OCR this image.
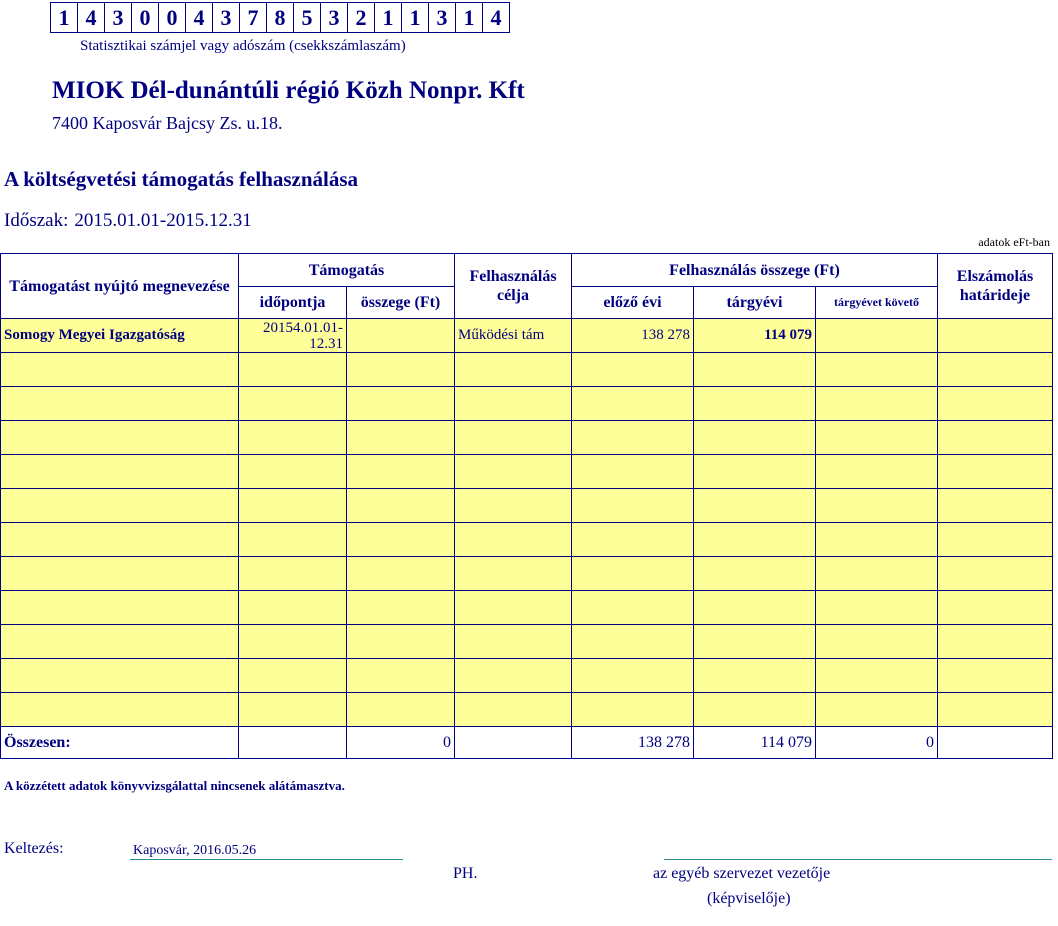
1 4 3 0 0 4 3 7 8 5 3 2 1 1 3 1 4
Statisztikai számjel vagy adószám (csekkszámlaszám)
MIOK Dél-dunántúli régió Közh Nonpr. Kft
7400 Kaposvár Bajcsy Zs. u.18.
A költségvetési támogatás felhasználása
Időszak: 2015.01.01-2015.12.31
adatok eFt-ban
Támogatást nyújtó megnevezése	Támogatás		Felhasználás célja	Felhasználás összege (Ft)			Elszámolás határideje
	időpontja	összege (Ft)		előző évi	tárgyévi	tárgyévet követő	
Somogy Megyei Igazgatóság	20154.01.01-12.31		Működési tám	138 278	114 079		

Összesen:		0		138 278	114 079	0	
A közzétett adatok könyvvizsgálattal nincsenek alátámasztva.
Keltezés:	Kaposvár, 2016.05.26
PH.	az egyéb szervezet vezetője
(képviselője)
